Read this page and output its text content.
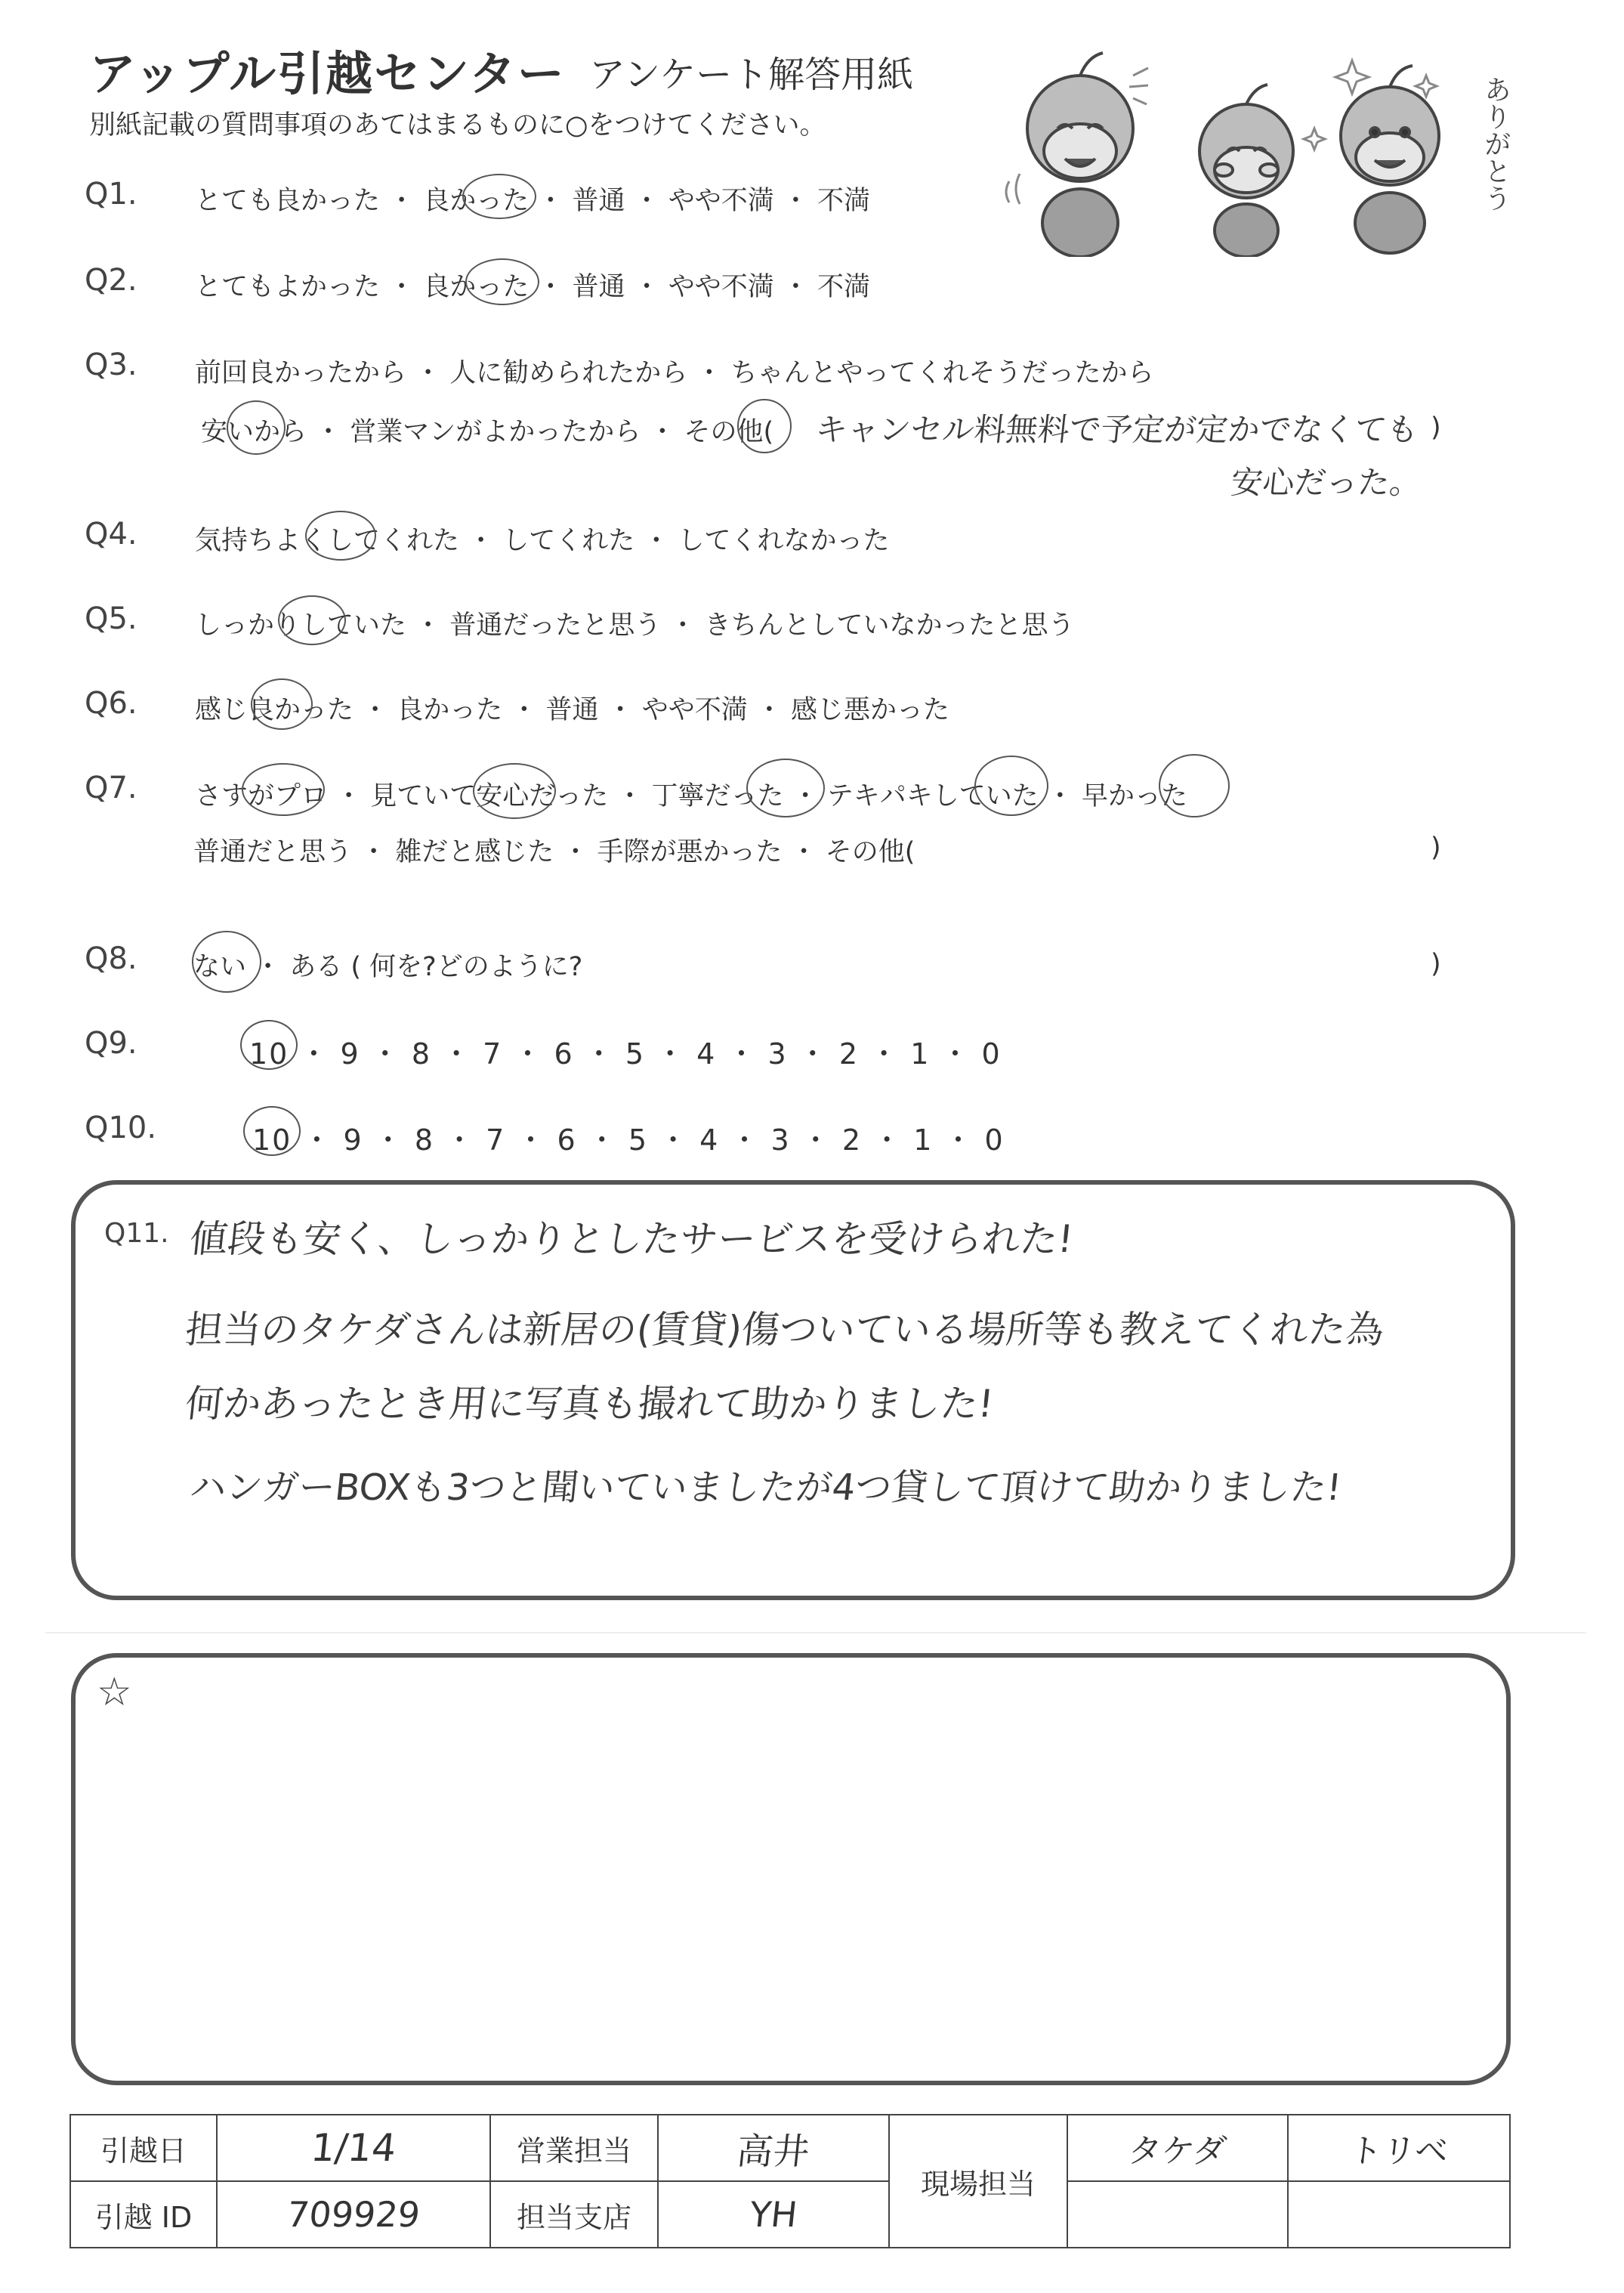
アップル引越センター アンケート解答用紙
別紙記載の質問事項のあてはまるものに○をつけてください。	ありがとう
Q1. とても良かった ・ 良かった ・ 普通 ・ やや不満 ・ 不満
Q2. とてもよかった ・ 良かった ・ 普通 ・ やや不満 ・ 不満
Q3. 前回良かったから ・ 人に勧められたから ・ ちゃんとやってくれそうだったから
安いから ・ 営業マンがよかったから ・ その他( キャンセル料無料で予定が定かでなくても )
安心だった。
Q4. 気持ちよくしてくれた ・ してくれた ・ してくれなかった
Q5. しっかりしていた ・ 普通だったと思う ・ きちんとしていなかったと思う
Q6. 感じ良かった ・ 良かった ・ 普通 ・ やや不満 ・ 感じ悪かった
Q7. さすがプロ ・ 見ていて安心だった ・ 丁寧だった ・ テキパキしていた ・ 早かった
普通だと思う ・ 雑だと感じた ・ 手際が悪かった ・ その他(	)
Q8. ない ・ ある ( 何を?どのように?	)
Q9.	10 ・ 9 ・ 8 ・ 7 ・ 6 ・ 5 ・ 4 ・ 3 ・ 2 ・ 1 ・ 0
Q10.	10 ・ 9 ・ 8 ・ 7 ・ 6 ・ 5 ・ 4 ・ 3 ・ 2 ・ 1 ・ 0
Q11. 値段も安く、しっかりとしたサービスを受けられた!
担当のタケダさんは新居の(賃貸)傷ついている場所等も教えてくれた為
何かあったとき用に写真も撮れて助かりました!
ハンガーBOXも3つと聞いていましたが4つ貸して頂けて助かりました!
☆
引越日	1/14	営業担当	高井	現場担当	タケダ	トリベ
引越 ID	709929	担当支店	YH			
